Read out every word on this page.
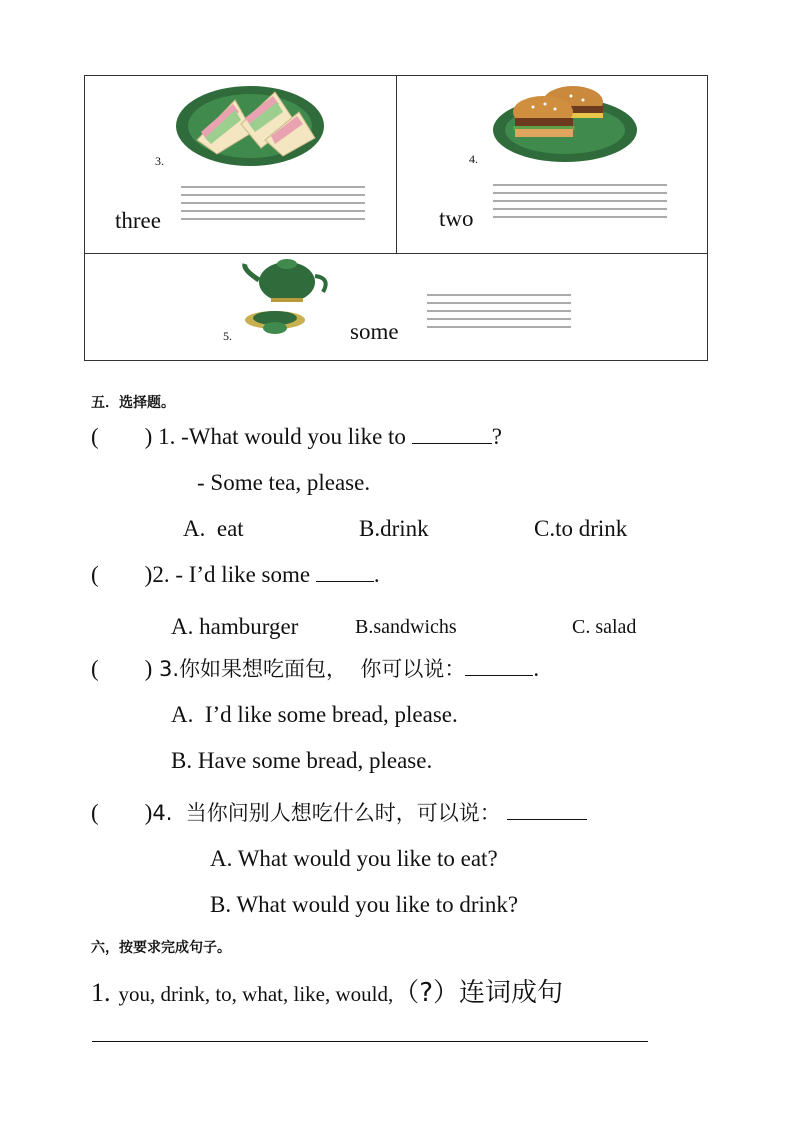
3.
three
4.
two
5.	some
五．选择题。
(        ) 1. -What would you like to	?
- Some tea, please.
A.  eat	B.drink	C.to drink
(        )2. - I’d like some	.
A. hamburger	B.sandwichs	C. salad
(        ) 3.你如果想吃面包，  你可以说：	.
A.  I’d like some bread, please.
B. Have some bread, please.
(        )4.  当你问别人想吃什么时，可以说：
A. What would you like to eat?
B. What would you like to drink?
六，按要求完成句子。
1. you, drink, to, what, like, would,（?）连词成句
